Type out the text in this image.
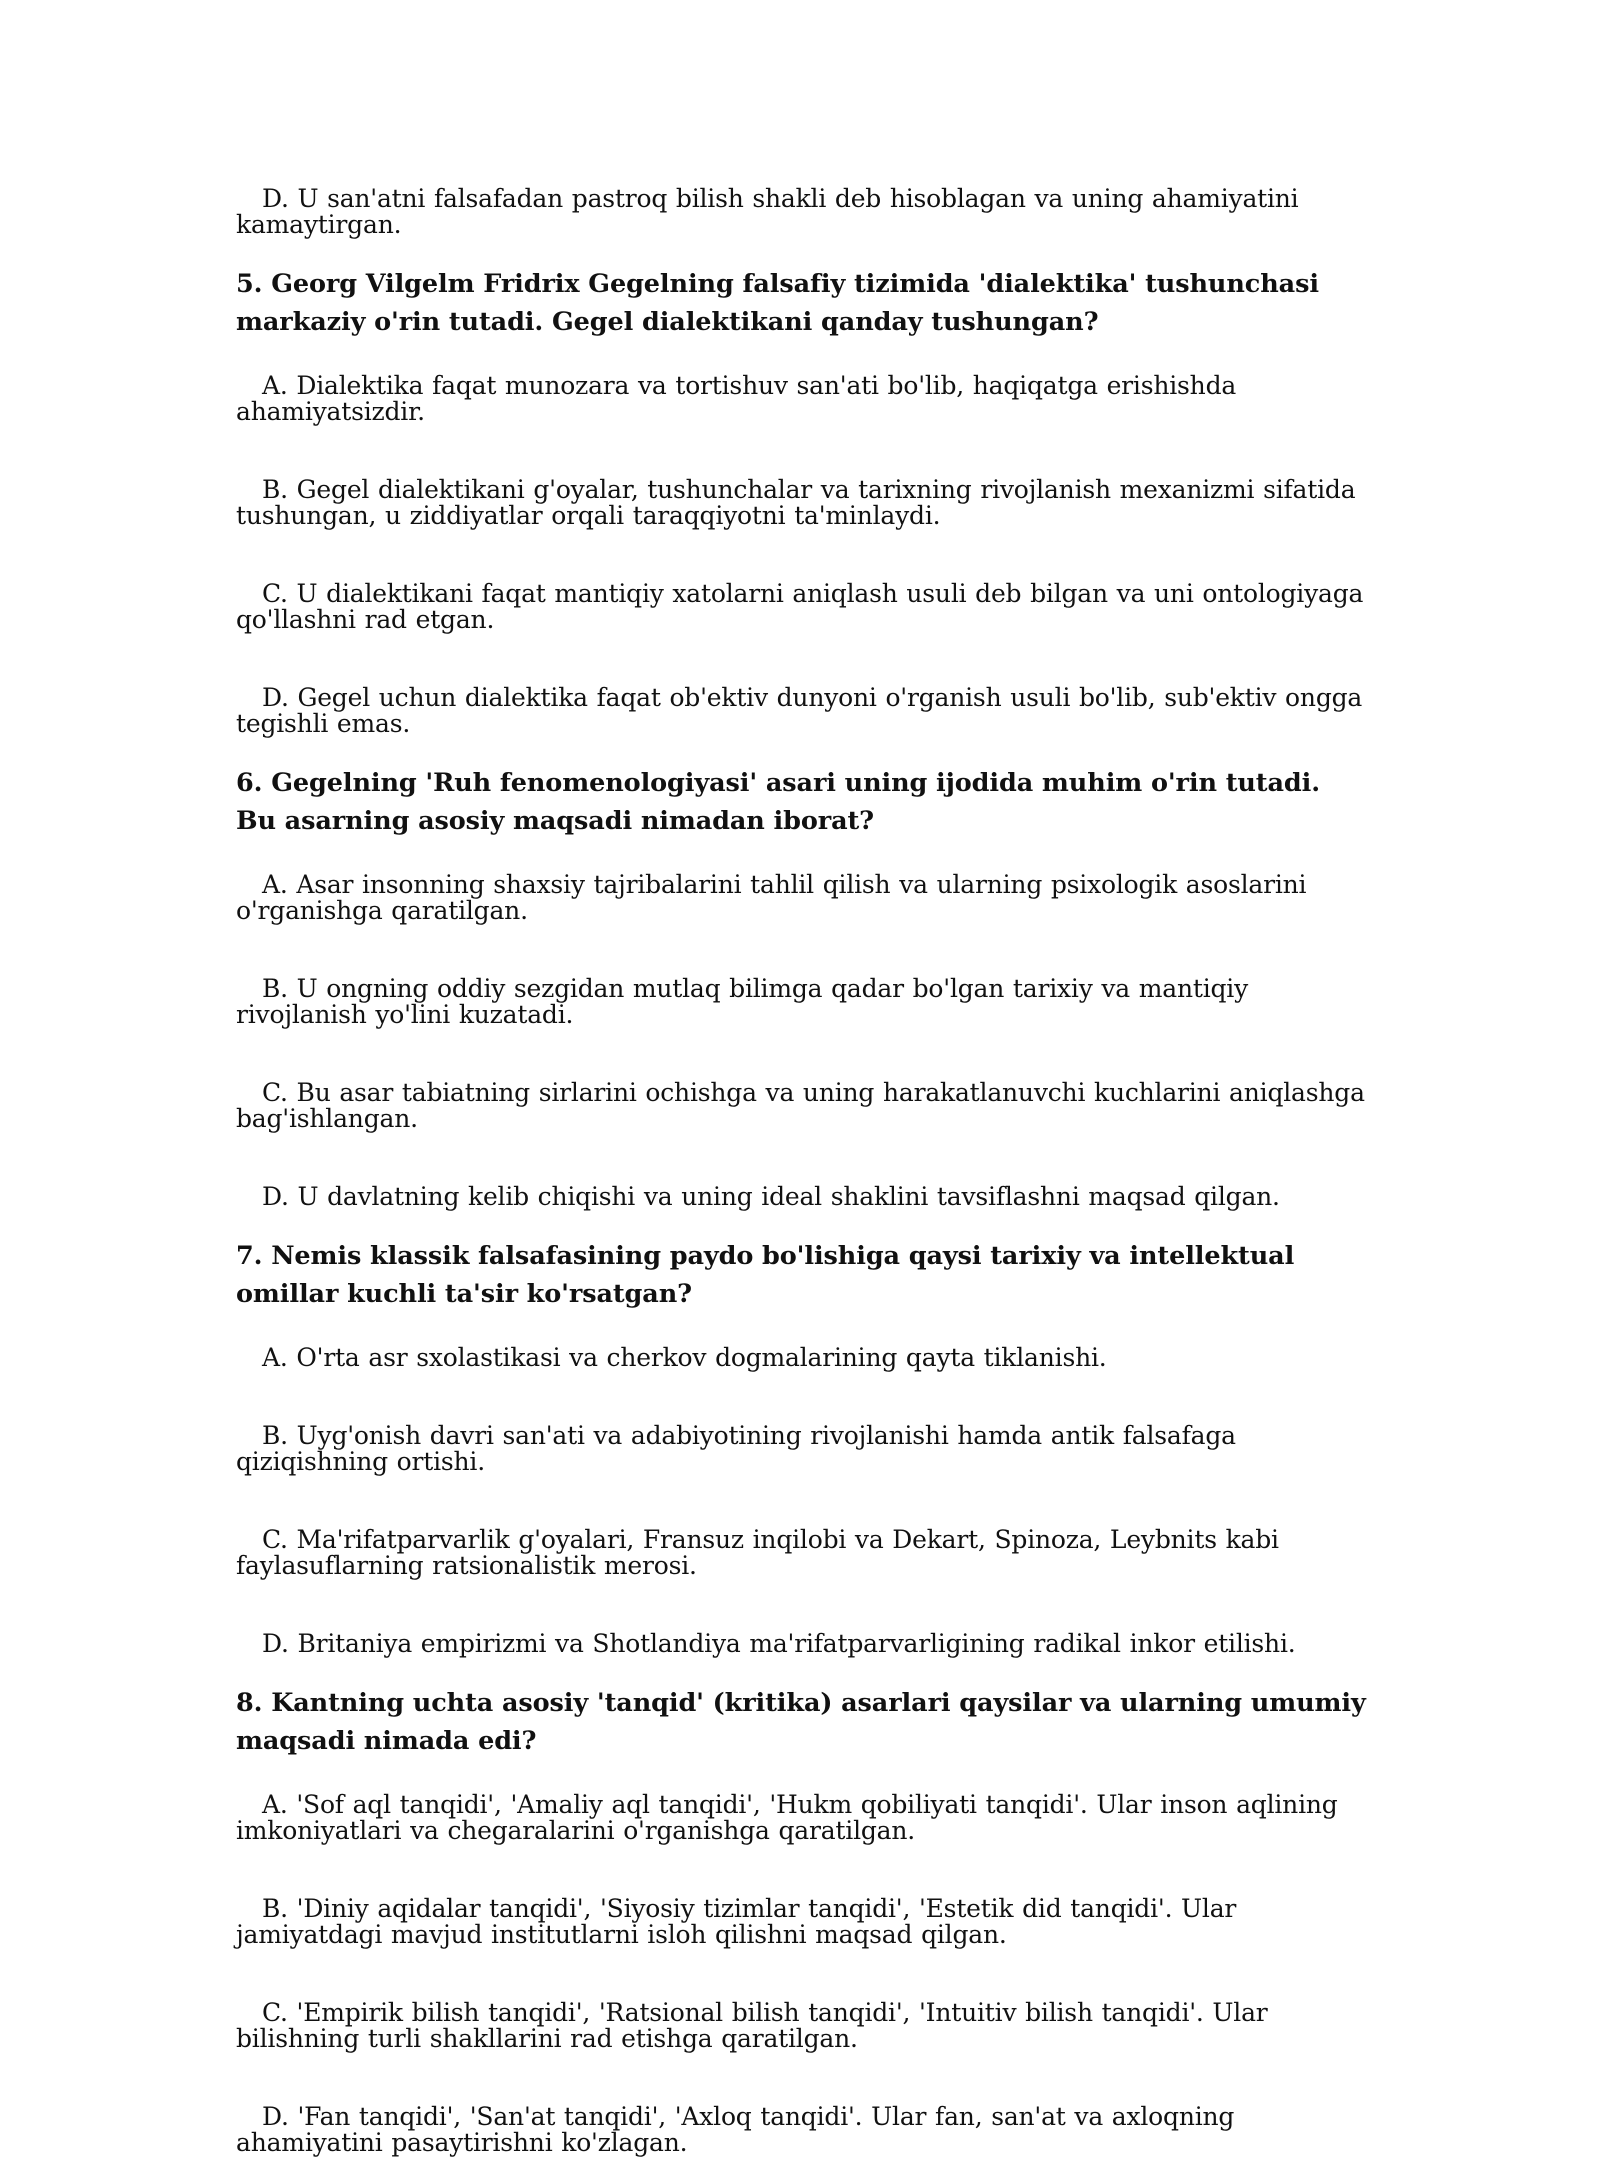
D. U san'atni falsafadan pastroq bilish shakli deb hisoblagan va uning ahamiyatini kamaytirgan.

5. Georg Vilgelm Fridrix Gegelning falsafiy tizimida 'dialektika' tushunchasi markaziy o'rin tutadi. Gegel dialektikani qanday tushungan?

A. Dialektika faqat munozara va tortishuv san'ati bo'lib, haqiqatga erishishda ahamiyatsizdir.

B. Gegel dialektikani g'oyalar, tushunchalar va tarixning rivojlanish mexanizmi sifatida tushungan, u ziddiyatlar orqali taraqqiyotni ta'minlaydi.

C. U dialektikani faqat mantiqiy xatolarni aniqlash usuli deb bilgan va uni ontologiyaga qo'llashni rad etgan.

D. Gegel uchun dialektika faqat ob'ektiv dunyoni o'rganish usuli bo'lib, sub'ektiv ongga tegishli emas.

6. Gegelning 'Ruh fenomenologiyasi' asari uning ijodida muhim o'rin tutadi. Bu asarning asosiy maqsadi nimadan iborat?

A. Asar insonning shaxsiy tajribalarini tahlil qilish va ularning psixologik asoslarini o'rganishga qaratilgan.

B. U ongning oddiy sezgidan mutlaq bilimga qadar bo'lgan tarixiy va mantiqiy rivojlanish yo'lini kuzatadi.

C. Bu asar tabiatning sirlarini ochishga va uning harakatlanuvchi kuchlarini aniqlashga bag'ishlangan.

D. U davlatning kelib chiqishi va uning ideal shaklini tavsiflashni maqsad qilgan.

7. Nemis klassik falsafasining paydo bo'lishiga qaysi tarixiy va intellektual omillar kuchli ta'sir ko'rsatgan?

A. O'rta asr sxolastikasi va cherkov dogmalarining qayta tiklanishi.

B. Uyg'onish davri san'ati va adabiyotining rivojlanishi hamda antik falsafaga qiziqishning ortishi.

C. Ma'rifatparvarlik g'oyalari, Fransuz inqilobi va Dekart, Spinoza, Leybnits kabi faylasuflarning ratsionalistik merosi.

D. Britaniya empirizmi va Shotlandiya ma'rifatparvarligining radikal inkor etilishi.

8. Kantning uchta asosiy 'tanqid' (kritika) asarlari qaysilar va ularning umumiy maqsadi nimada edi?

A. 'Sof aql tanqidi', 'Amaliy aql tanqidi', 'Hukm qobiliyati tanqidi'. Ular inson aqlining imkoniyatlari va chegaralarini o'rganishga qaratilgan.

B. 'Diniy aqidalar tanqidi', 'Siyosiy tizimlar tanqidi', 'Estetik did tanqidi'. Ular jamiyatdagi mavjud institutlarni isloh qilishni maqsad qilgan.

C. 'Empirik bilish tanqidi', 'Ratsional bilish tanqidi', 'Intuitiv bilish tanqidi'. Ular bilishning turli shakllarini rad etishga qaratilgan.

D. 'Fan tanqidi', 'San'at tanqidi', 'Axloq tanqidi'. Ular fan, san'at va axloqning ahamiyatini pasaytirishni ko'zlagan.
